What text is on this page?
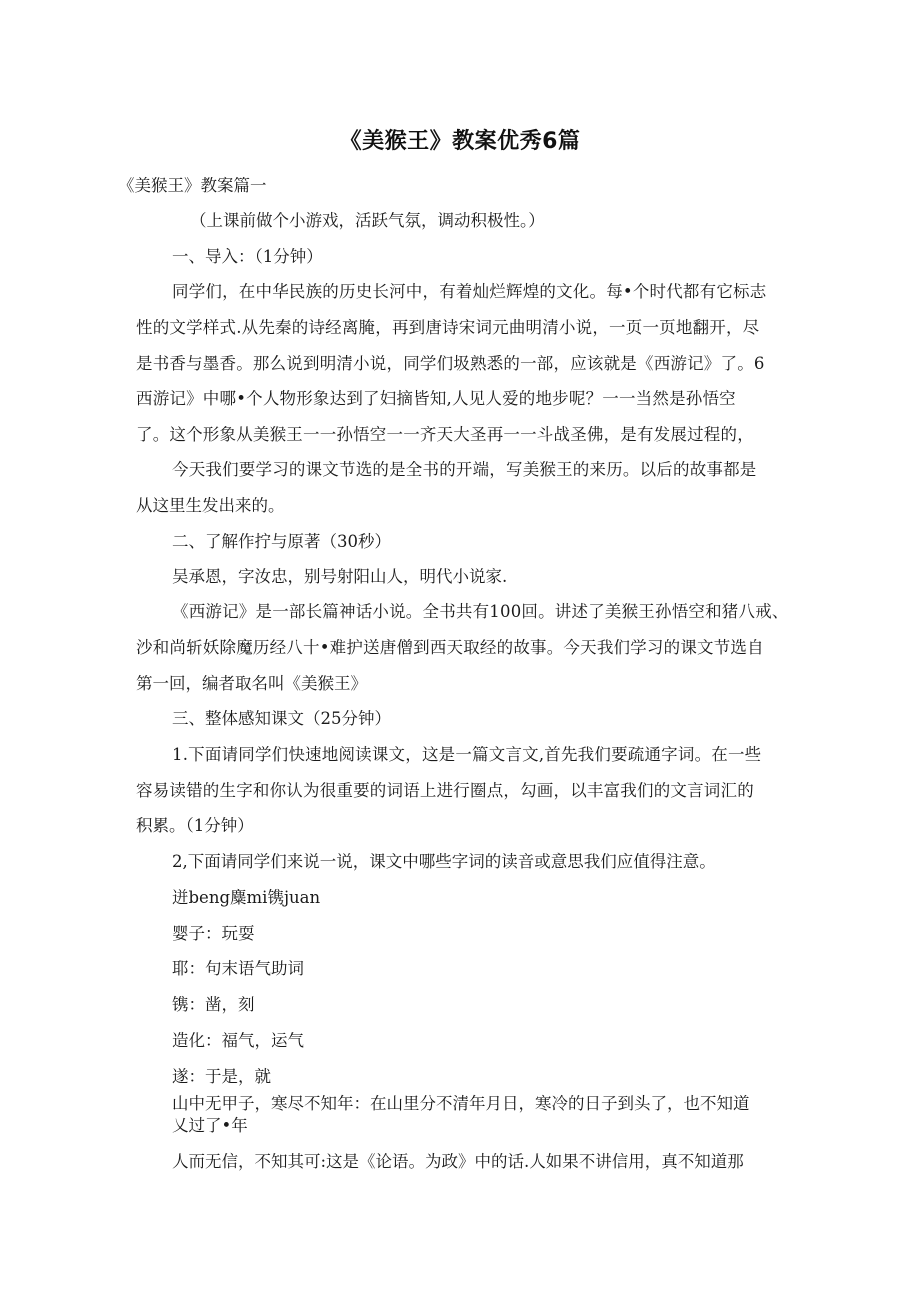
《美猴王》教案优秀6篇
《美猴王》教案篇一
（上课前做个小游戏，活跃气氛，调动积极性。）
一、导入：（1分钟）
同学们，在中华民族的历史长河中，有着灿烂辉煌的文化。每•个时代都有它标志
性的文学样式.从先秦的诗经离腌，再到唐诗宋词元曲明清小说，一页一页地翻开，尽
是书香与墨香。那么说到明清小说，同学们圾熟悉的一部，应该就是《西游记》了。6
西游记》中哪•个人物形象达到了妇摘皆知,人见人爱的地步呢？一一当然是孙悟空
了。这个形象从美猴王一一孙悟空一一齐天大圣再一一斗战圣佛，是有发展过程的，
今天我们要学习的课文节选的是全书的开端，写美猴王的来历。以后的故事都是
从这里生发出来的。
二、了解作拧与原著（30秒）
吴承恩，字汝忠，别号射阳山人，明代小说家.
《西游记》是一部长篇神话小说。全书共有100回。讲述了美猴王孙悟空和猪八戒、
沙和尚斩妖除魔历经八十•难护送唐僧到西天取经的故事。今天我们学习的课文节选自
第一回，编者取名叫《美猴王》
三、整体感知课文（25分钟）
1.下面请同学们快速地阅读课文，这是一篇文言文,首先我们要疏通字词。在一些
容易读错的生字和你认为很重要的词语上进行圈点，勾画，以丰富我们的文言词汇的
积累。（1分钟）
2,下面请同学们来说一说，课文中哪些字词的读音或意思我们应值得注意。
迸beng麋mi镌juan
婴子：玩耍
耶：句末语气助词
镌：凿，刻
造化：福气，运气
遂：于是，就
山中无甲子，寒尽不知年：在山里分不清年月日，寒冷的日子到头了，也不知道
乂过了•年
人而无信，不知其可:这是《论语。为政》中的话.人如果不讲信用，真不知道那
